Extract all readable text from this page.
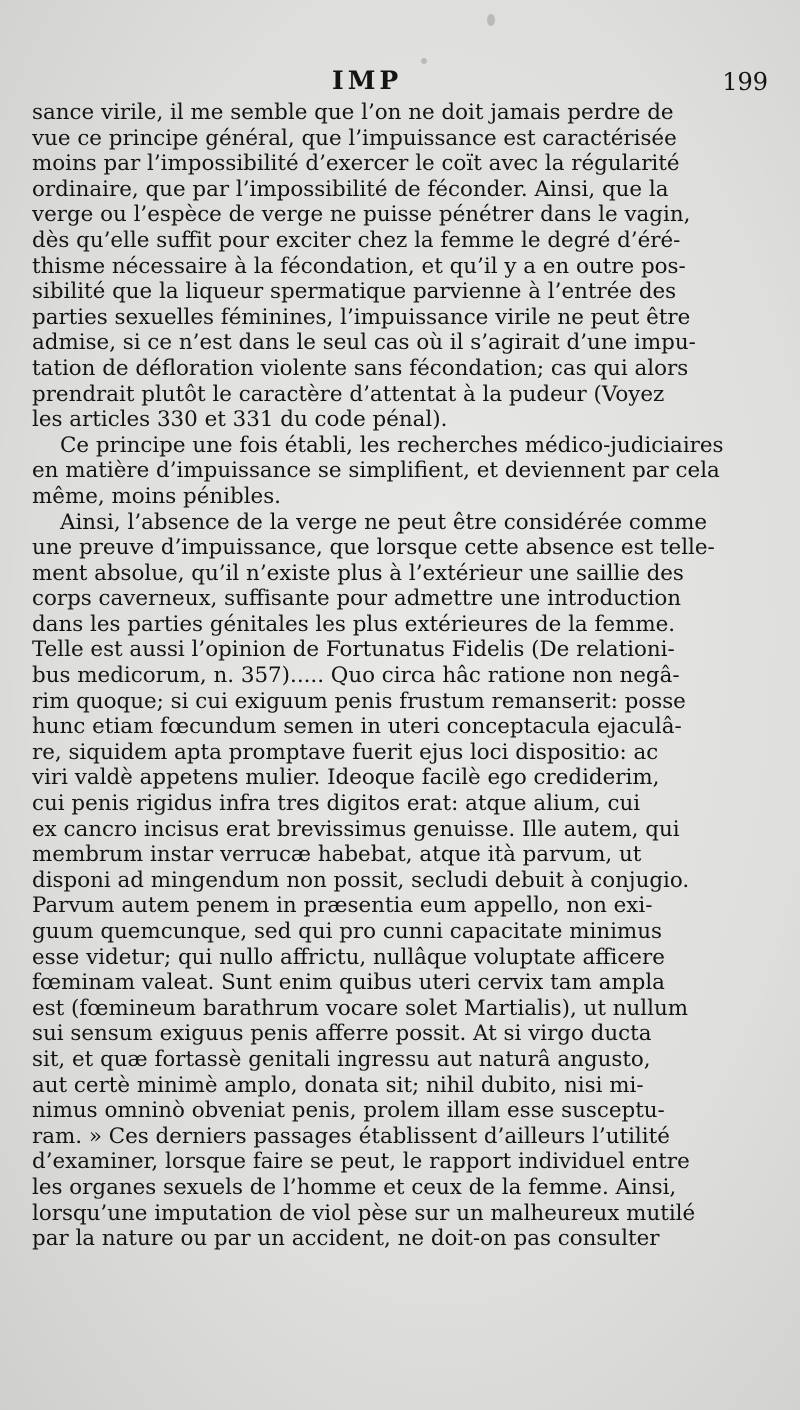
IMP	199
sance virile, il me semble que l’on ne doit jamais perdre de
vue ce principe général, que l’impuissance est caractérisée
moins par l’impossibilité d’exercer le coït avec la régularité
ordinaire, que par l’impossibilité de féconder. Ainsi, que la
verge ou l’espèce de verge ne puisse pénétrer dans le vagin,
dès qu’elle suffit pour exciter chez la femme le degré d’éré-
thisme nécessaire à la fécondation, et qu’il y a en outre pos-
sibilité que la liqueur spermatique parvienne à l’entrée des
parties sexuelles féminines, l’impuissance virile ne peut être
admise, si ce n’est dans le seul cas où il s’agirait d’une impu-
tation de défloration violente sans fécondation; cas qui alors
prendrait plutôt le caractère d’attentat à la pudeur (Voyez
les articles 330 et 331 du code pénal).
Ce principe une fois établi, les recherches médico-judiciaires
en matière d’impuissance se simplifient, et deviennent par cela
même, moins pénibles.
Ainsi, l’absence de la verge ne peut être considérée comme
une preuve d’impuissance, que lorsque cette absence est telle-
ment absolue, qu’il n’existe plus à l’extérieur une saillie des
corps caverneux, suffisante pour admettre une introduction
dans les parties génitales les plus extérieures de la femme.
Telle est aussi l’opinion de Fortunatus Fidelis (De relationi-
bus medicorum, n. 357)..... Quo circa hâc ratione non negâ-
rim quoque; si cui exiguum penis frustum remanserit: posse
hunc etiam fœcundum semen in uteri conceptacula ejaculâ-
re, siquidem apta promptave fuerit ejus loci dispositio: ac
viri valdè appetens mulier. Ideoque facilè ego crediderim,
cui penis rigidus infra tres digitos erat: atque alium, cui
ex cancro incisus erat brevissimus genuisse. Ille autem, qui
membrum instar verrucæ habebat, atque ità parvum, ut
disponi ad mingendum non possit, secludi debuit à conjugio.
Parvum autem penem in præsentia eum appello, non exi-
guum quemcunque, sed qui pro cunni capacitate minimus
esse videtur; qui nullo affrictu, nullâque voluptate afficere
fœminam valeat. Sunt enim quibus uteri cervix tam ampla
est (fœmineum barathrum vocare solet Martialis), ut nullum
sui sensum exiguus penis afferre possit. At si virgo ducta
sit, et quæ fortassè genitali ingressu aut naturâ angusto,
aut certè minimè amplo, donata sit; nihil dubito, nisi mi-
nimus omninò obveniat penis, prolem illam esse susceptu-
ram. » Ces derniers passages établissent d’ailleurs l’utilité
d’examiner, lorsque faire se peut, le rapport individuel entre
les organes sexuels de l’homme et ceux de la femme. Ainsi,
lorsqu’une imputation de viol pèse sur un malheureux mutilé
par la nature ou par un accident, ne doit-on pas consulter
